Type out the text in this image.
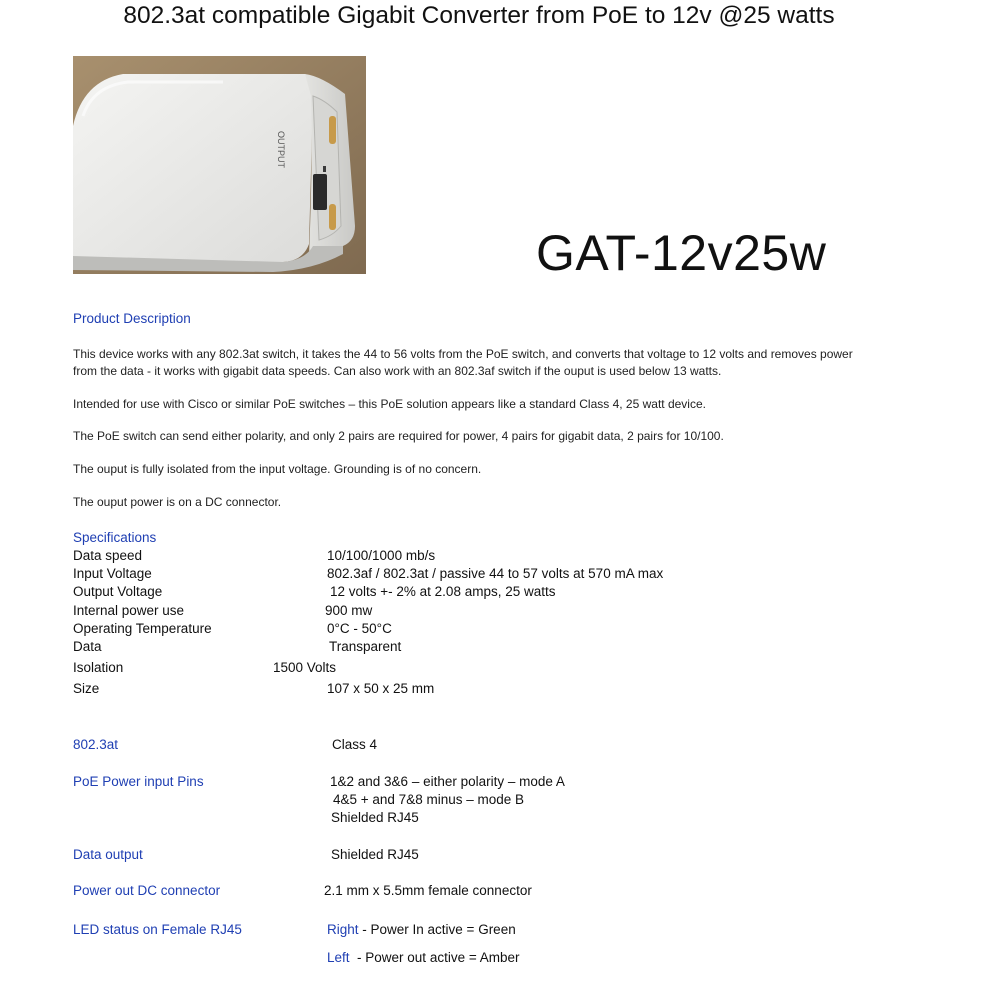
802.3at compatible Gigabit Converter from PoE to 12v @25 watts
OUTPUT
GAT-12v25w
Product Description
This device works with any 802.3at switch, it takes the 44 to 56 volts from the PoE switch, and converts that voltage to 12 volts and removes power
from the data - it works with gigabit data speeds. Can also work with an 802.3af switch if the ouput is used below 13 watts.
Intended for use with Cisco or similar PoE switches – this PoE solution appears like a standard Class 4, 25 watt device.
The PoE switch can send either polarity, and only 2 pairs are required for power, 4 pairs for gigabit data, 2 pairs for 10/100.
The ouput is fully isolated from the input voltage. Grounding is of no concern.
The ouput power is on a DC connector.
Specifications
Data speed	10/100/1000 mb/s
Input Voltage	802.3af / 802.3at / passive 44 to 57 volts at 570 mA max
Output Voltage	12 volts +- 2% at 2.08 amps, 25 watts
Internal power use	900 mw
Operating Temperature	0°C - 50°C
Data	Transparent
Isolation	1500 Volts
Size	107 x 50 x 25 mm
802.3at	Class 4
PoE Power input Pins	1&2 and 3&6 – either polarity – mode A
4&5 + and 7&8 minus – mode B
Shielded RJ45
Data output	Shielded RJ45
Power out DC connector	2.1 mm x 5.5mm female connector
LED status on Female RJ45	Right - Power In active = Green
Left  - Power out active = Amber
